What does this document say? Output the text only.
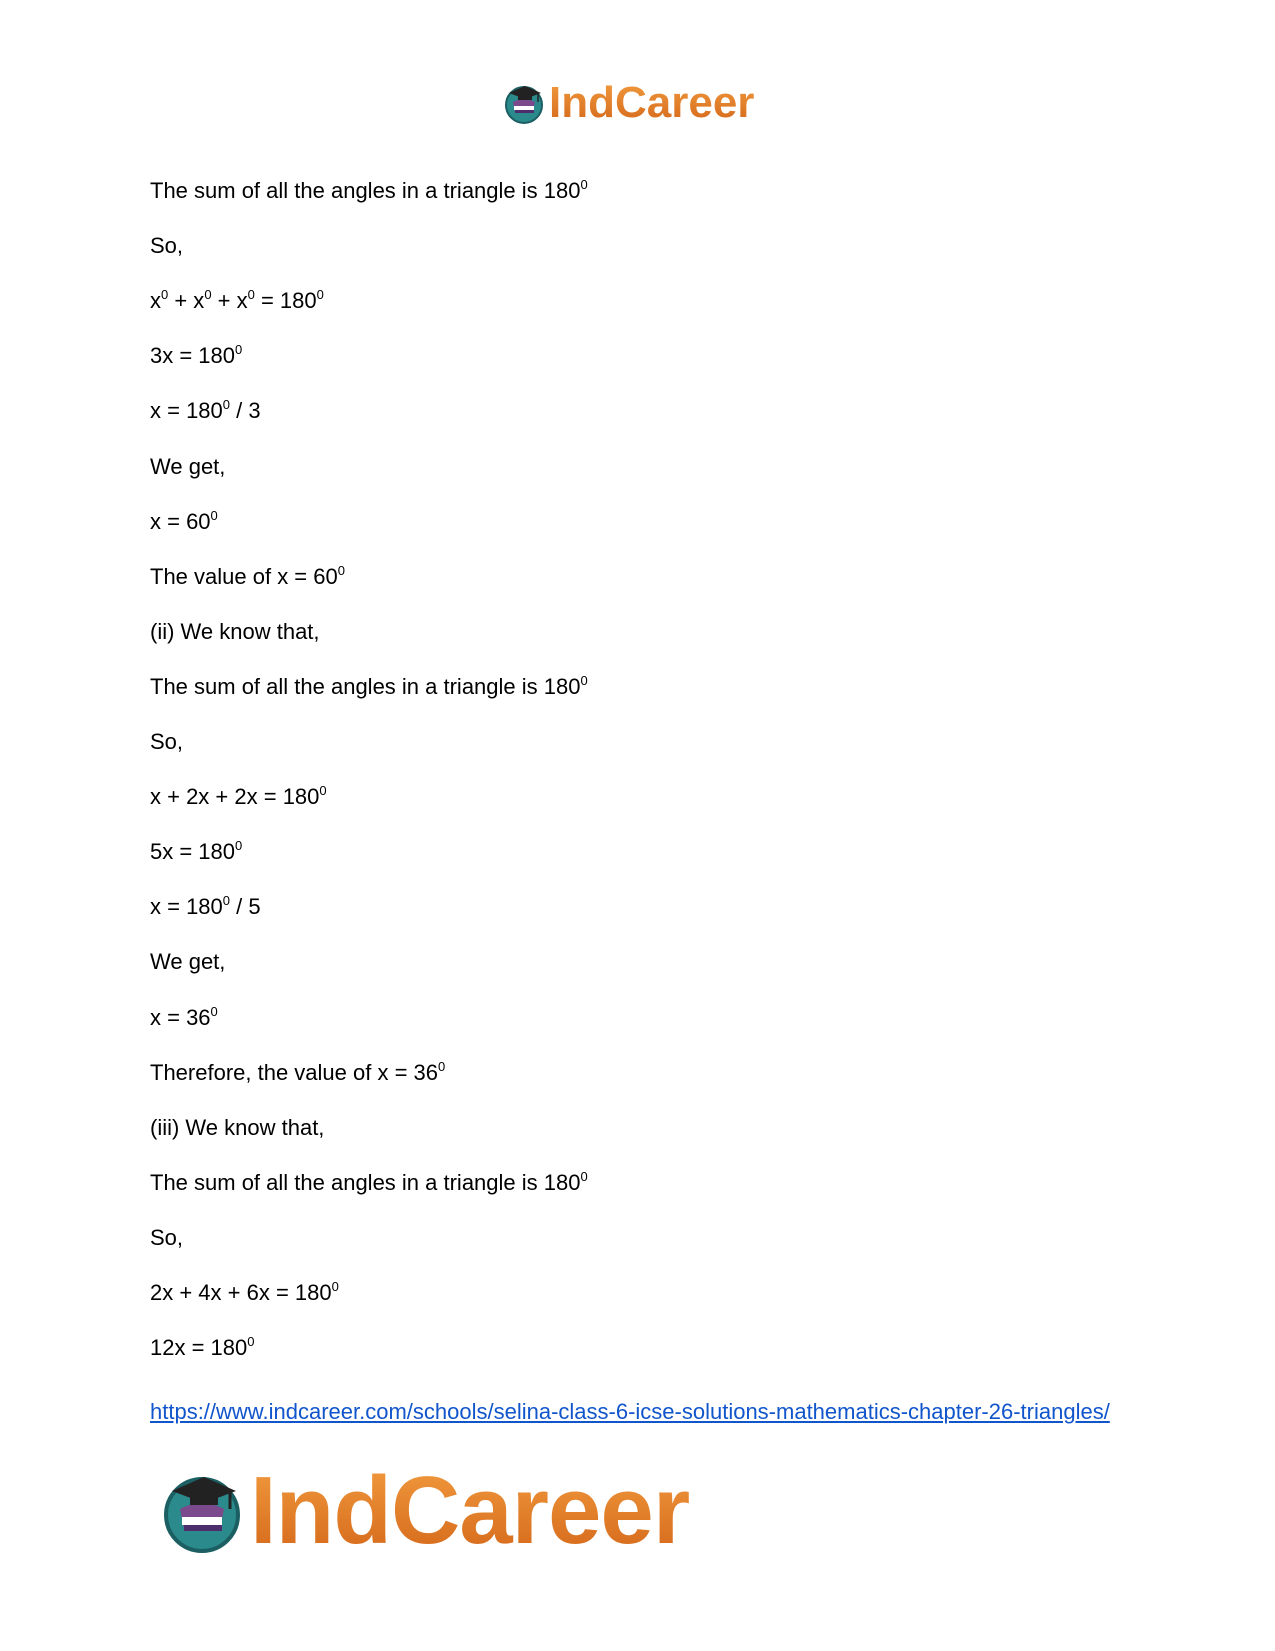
IndCareer
The sum of all the angles in a triangle is $180^0$
So,
$x^0 + x^0 + x^0 = 180^0$
$3x = 180^0$
$x = 180^0 / 3$
We get,
$x = 60^0$
The value of $x = 60^0$
(ii) We know that,
The sum of all the angles in a triangle is $180^0$
So,
$x + 2x + 2x = 180^0$
$5x = 180^0$
$x = 180^0 / 5$
We get,
$x = 36^0$
Therefore, the value of $x = 36^0$
(iii) We know that,
The sum of all the angles in a triangle is $180^0$
So,
$2x + 4x + 6x = 180^0$
$12x = 180^0$
https://www.indcareer.com/schools/selina-class-6-icse-solutions-mathematics-chapter-26-triangles/
IndCareer
